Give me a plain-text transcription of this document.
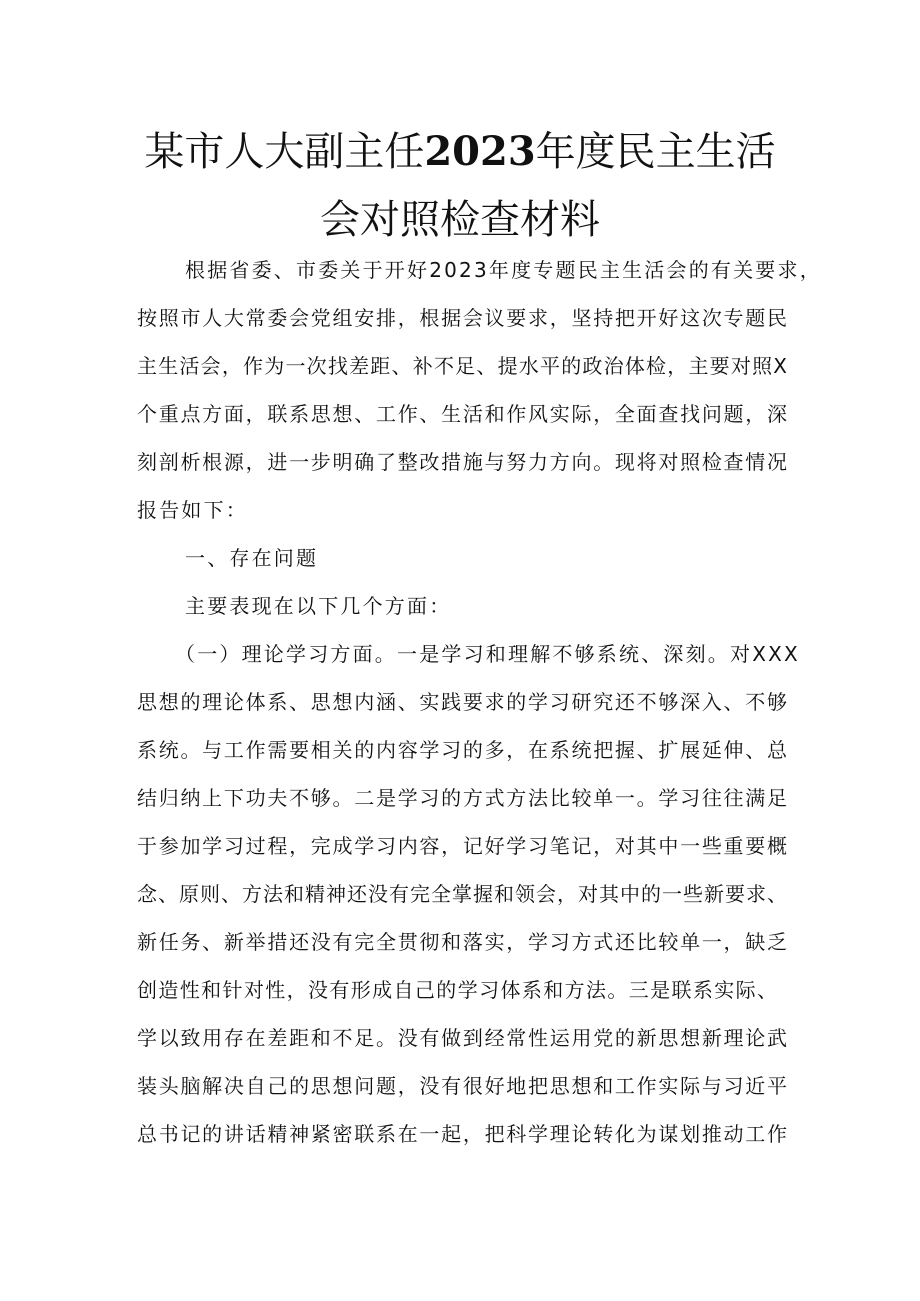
某市人大副主任2023年度民主生活
会对照检查材料
根据省委、市委关于开好2023年度专题民主生活会的有关要求，
按照市人大常委会党组安排，根据会议要求，坚持把开好这次专题民
主生活会，作为一次找差距、补不足、提水平的政治体检，主要对照X
个重点方面，联系思想、工作、生活和作风实际，全面查找问题，深
刻剖析根源，进一步明确了整改措施与努力方向。现将对照检查情况
报告如下：
一、存在问题
主要表现在以下几个方面：
（一）理论学习方面。一是学习和理解不够系统、深刻。对XXX
思想的理论体系、思想内涵、实践要求的学习研究还不够深入、不够
系统。与工作需要相关的内容学习的多，在系统把握、扩展延伸、总
结归纳上下功夫不够。二是学习的方式方法比较单一。学习往往满足
于参加学习过程，完成学习内容，记好学习笔记，对其中一些重要概
念、原则、方法和精神还没有完全掌握和领会，对其中的一些新要求、
新任务、新举措还没有完全贯彻和落实，学习方式还比较单一，缺乏
创造性和针对性，没有形成自己的学习体系和方法。三是联系实际、
学以致用存在差距和不足。没有做到经常性运用党的新思想新理论武
装头脑解决自己的思想问题，没有很好地把思想和工作实际与习近平
总书记的讲话精神紧密联系在一起，把科学理论转化为谋划推动工作
